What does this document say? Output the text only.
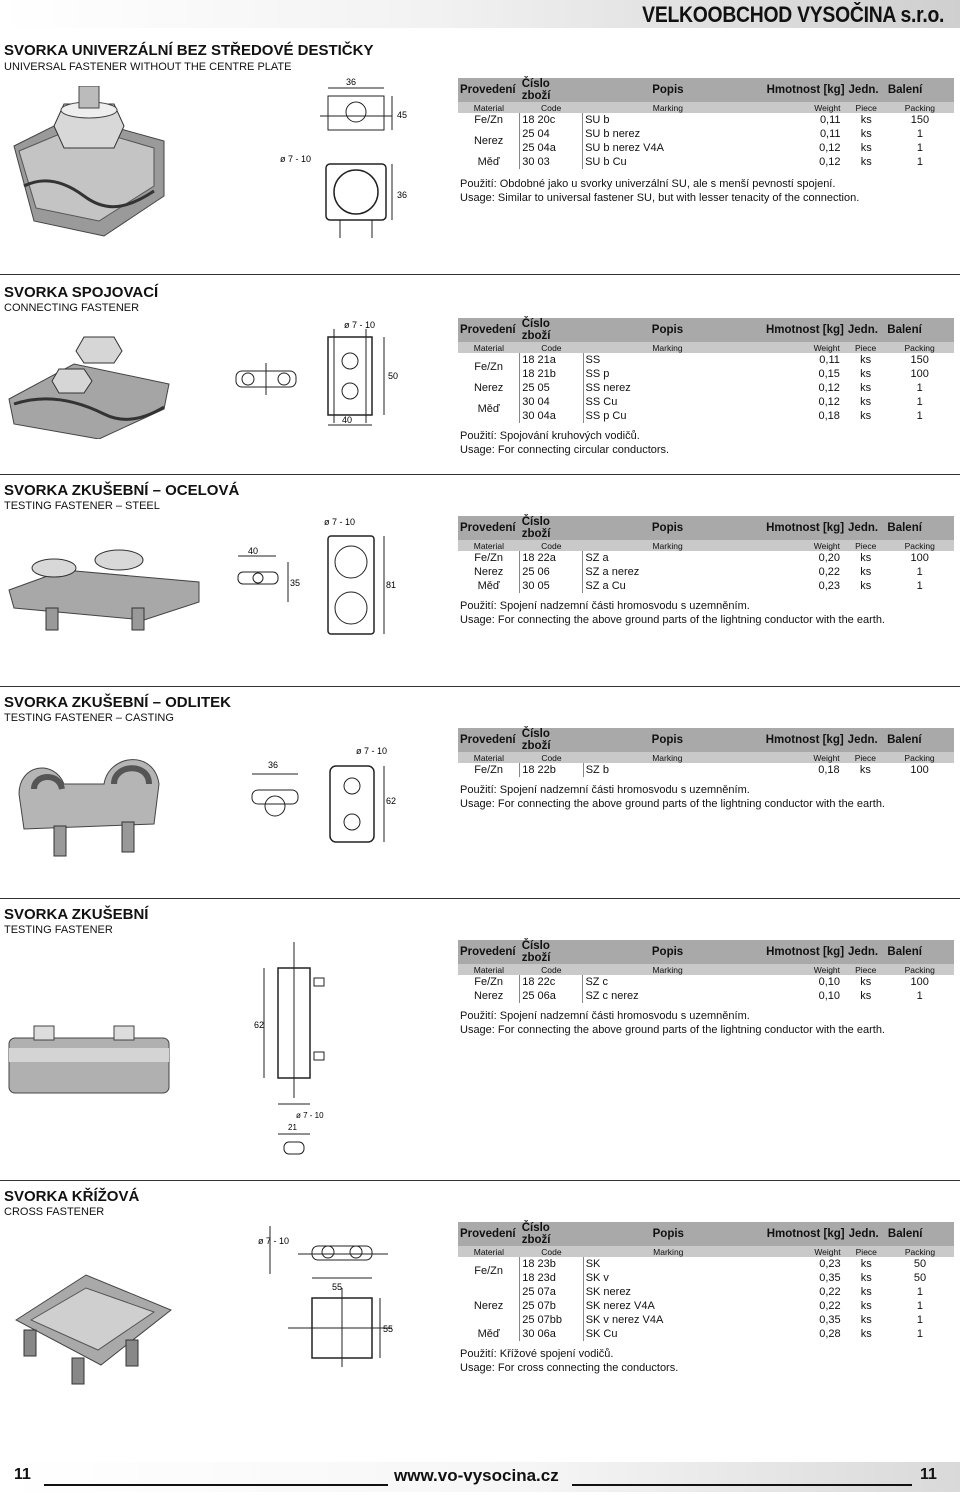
VELKOOBCHOD VYSOČINA s.r.o.
SVORKA UNIVERZÁLNÍ BEZ STŘEDOVÉ DESTIČKY
UNIVERSAL FASTENER WITHOUT THE CENTRE PLATE
36
45
ø 7 - 10
36
Provedení	Číslo zboží	Popis	Hmotnost [kg]	Jedn.	Balení
Material	Code	Marking	Weight	Piece	Packing
Fe/Zn	18 20c	SU b	0,11	ks	150
Nerez	25 04	SU b nerez	0,11	ks	1
	25 04a	SU b nerez V4A	0,12	ks	1
Měď	30 03	SU b Cu	0,12	ks	1
Použití: Obdobné jako u svorky univerzální SU, ale s menší pevností spojení.
Usage: Similar to universal fastener SU, but with lesser tenacity of the connection.
SVORKA SPOJOVACÍ
CONNECTING FASTENER
ø 7 - 10
50
40
Provedení	Číslo zboží	Popis	Hmotnost [kg]	Jedn.	Balení
Material	Code	Marking	Weight	Piece	Packing
Fe/Zn	18 21a	SS	0,11	ks	150
	18 21b	SS p	0,15	ks	100
Nerez	25 05	SS nerez	0,12	ks	1
Měď	30 04	SS Cu	0,12	ks	1
	30 04a	SS p Cu	0,18	ks	1
Použití: Spojování kruhových vodičů.
Usage: For connecting circular conductors.
SVORKA ZKUŠEBNÍ – OCELOVÁ
TESTING FASTENER – STEEL
40
35
ø 7 - 10
81
Provedení	Číslo zboží	Popis	Hmotnost [kg]	Jedn.	Balení
Material	Code	Marking	Weight	Piece	Packing
Fe/Zn	18 22a	SZ a	0,20	ks	100
Nerez	25 06	SZ a nerez	0,22	ks	1
Měď	30 05	SZ a Cu	0,23	ks	1
Použití: Spojení nadzemní části hromosvodu s uzemněním.
Usage: For connecting the above ground parts of the lightning conductor with the earth.
SVORKA ZKUŠEBNÍ – ODLITEK
TESTING FASTENER – CASTING
36
ø 7 - 10
62
Provedení	Číslo zboží	Popis	Hmotnost [kg]	Jedn.	Balení
Material	Code	Marking	Weight	Piece	Packing
Fe/Zn	18 22b	SZ b	0,18	ks	100
Použití: Spojení nadzemní části hromosvodu s uzemněním.
Usage: For connecting the above ground parts of the lightning conductor with the earth.
SVORKA ZKUŠEBNÍ
TESTING FASTENER
62
ø 7 - 10
21
Provedení	Číslo zboží	Popis	Hmotnost [kg]	Jedn.	Balení
Material	Code	Marking	Weight	Piece	Packing
Fe/Zn	18 22c	SZ c	0,10	ks	100
Nerez	25 06a	SZ c nerez	0,10	ks	1
Použití: Spojení nadzemní části hromosvodu s uzemněním.
Usage: For connecting the above ground parts of the lightning conductor with the earth.
SVORKA KŘÍŽOVÁ
CROSS FASTENER
ø 7 - 10
55
55
Provedení	Číslo zboží	Popis	Hmotnost [kg]	Jedn.	Balení
Material	Code	Marking	Weight	Piece	Packing
Fe/Zn	18 23b	SK	0,23	ks	50
	18 23d	SK v	0,35	ks	50
Nerez	25 07a	SK nerez	0,22	ks	1
	25 07b	SK nerez V4A	0,22	ks	1
	25 07bb	SK v nerez V4A	0,35	ks	1
Měď	30 06a	SK Cu	0,28	ks	1
Použití: Křížové spojení vodičů.
Usage: For cross connecting the conductors.
11	www.vo-vysocina.cz	11
